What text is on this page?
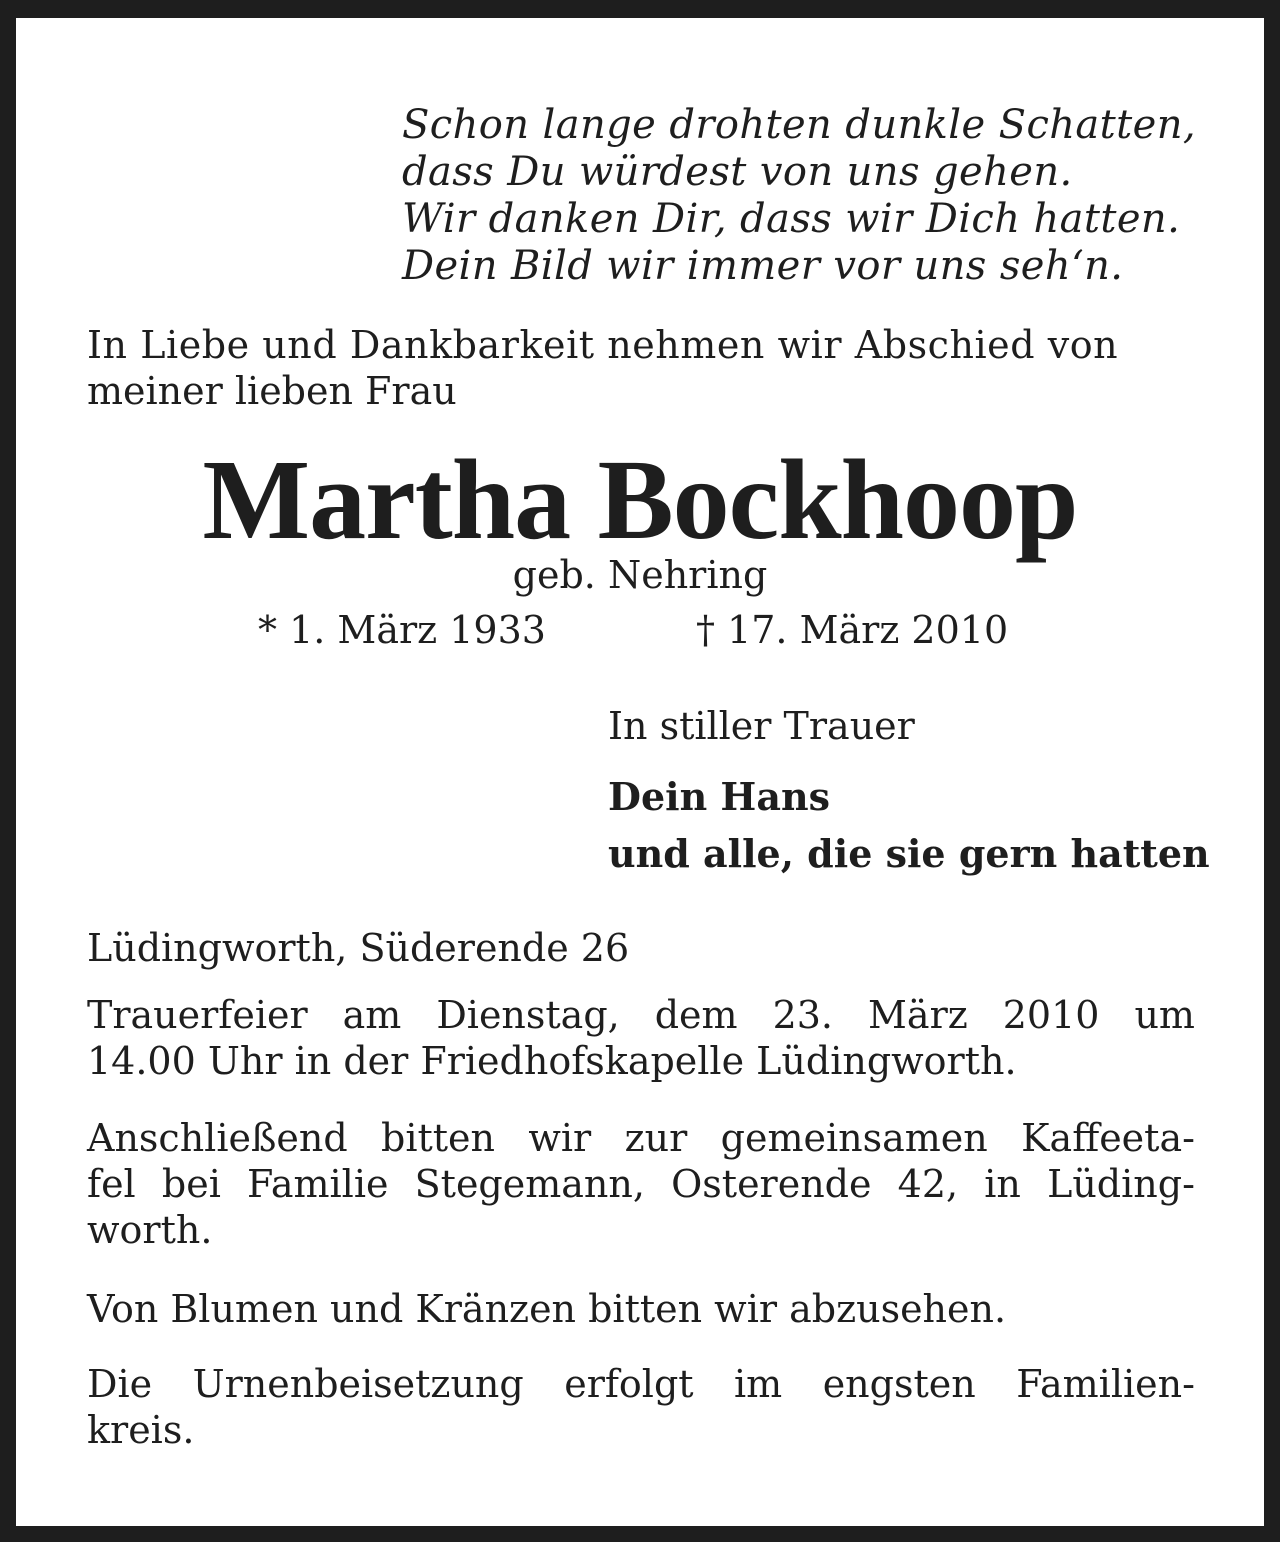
Schon lange drohten dunkle Schatten,
dass Du würdest von uns gehen.
Wir danken Dir, dass wir Dich hatten.
Dein Bild wir immer vor uns seh‘n.
In Liebe und Dankbarkeit nehmen wir Abschied von
meiner lieben Frau
Martha Bockhoop
geb. Nehring
* 1. März 1933	† 17. März 2010
In stiller Trauer
Dein Hans
und alle, die sie gern hatten
Lüdingworth, Süderende 26
Trauerfeier am Dienstag, dem 23. März 2010 um
14.00 Uhr in der Friedhofskapelle Lüdingworth.
Anschließend bitten wir zur gemeinsamen Kaffeeta-
fel bei Familie Stegemann, Osterende 42, in Lüding-
worth.
Von Blumen und Kränzen bitten wir abzusehen.
Die Urnenbeisetzung erfolgt im engsten Familien-
kreis.
